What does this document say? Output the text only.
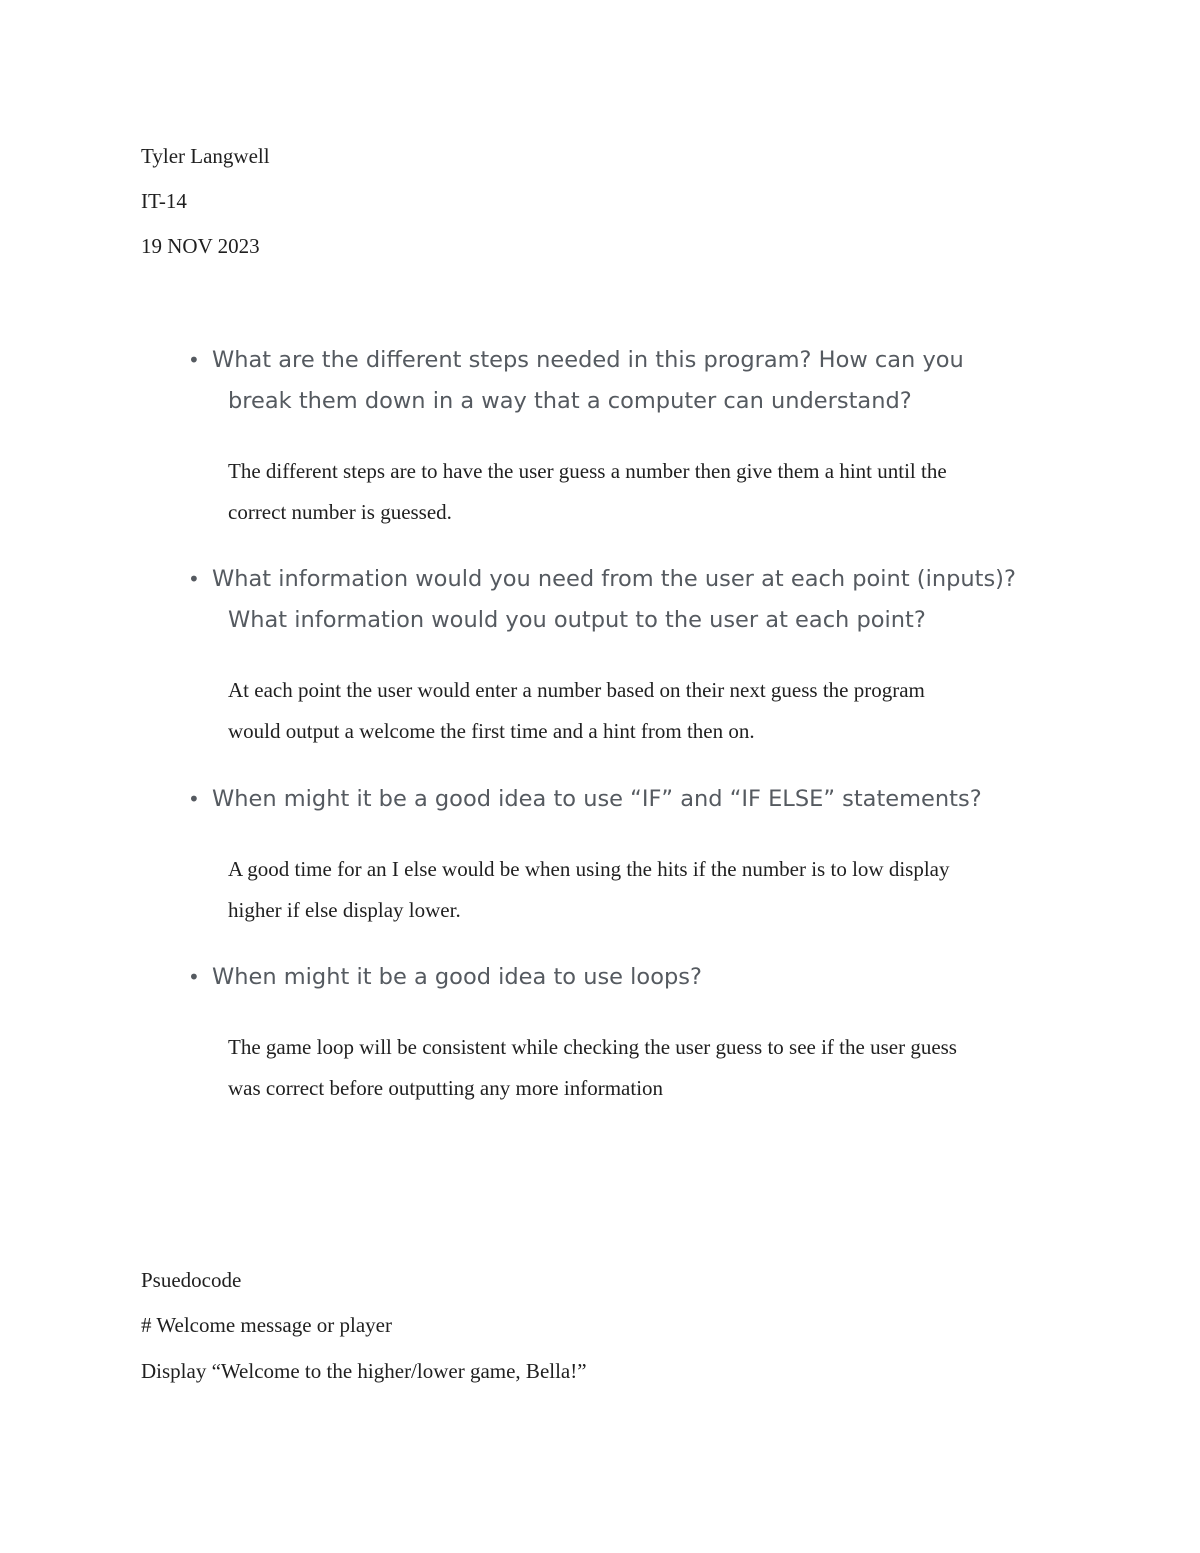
Tyler Langwell
IT-14
19 NOV 2023
• What are the different steps needed in this program? How can you
break them down in a way that a computer can understand?
The different steps are to have the user guess a number then give them a hint until the
correct number is guessed.
• What information would you need from the user at each point (inputs)?
What information would you output to the user at each point?
At each point the user would enter a number based on their next guess the program
would output a welcome the first time and a hint from then on.
• When might it be a good idea to use “IF” and “IF ELSE” statements?
A good time for an I else would be when using the hits if the number is to low display
higher if else display lower.
• When might it be a good idea to use loops?
The game loop will be consistent while checking the user guess to see if the user guess
was correct before outputting any more information
Psuedocode
# Welcome message or player
Display “Welcome to the higher/lower game, Bella!”
